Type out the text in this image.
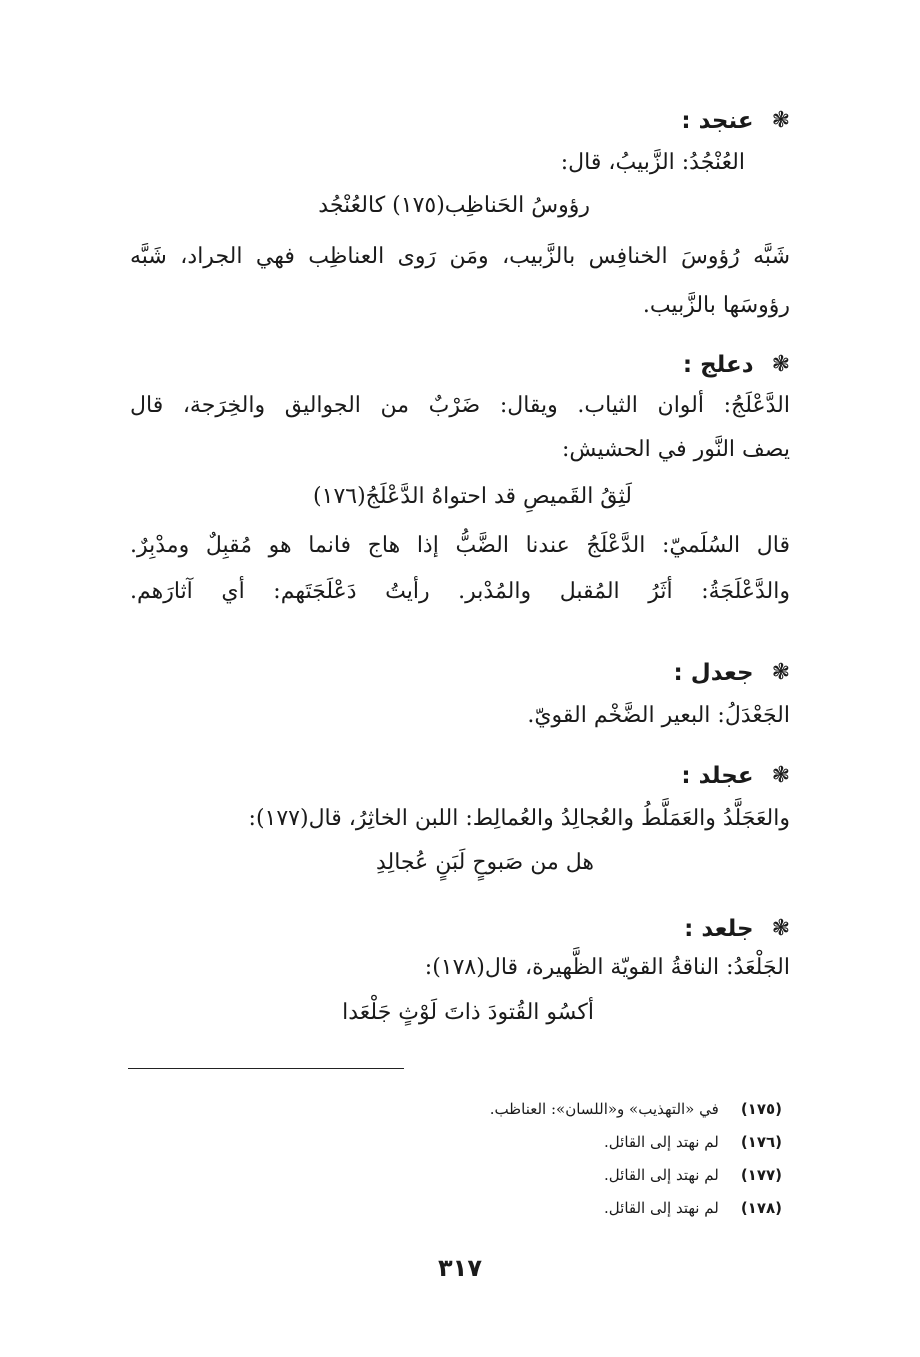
❃
عنجد :
العُنْجُدُ: الزَّبيبُ، قال:
رؤوسُ الحَناظِب(١٧٥) كالعُنْجُد
شَبَّه رُؤوسَ الخنافِس بالزَّبيب، ومَن رَوى العناظِب فهي الجراد، شَبَّه
رؤوسَها بالزَّبيب.
❃
دعلج :
الدَّعْلَجُ: ألوان الثياب. ويقال: ضَرْبٌ من الجواليق والخِرَجة، قال
يصف النَّور في الحشيش:
لَثِقُ القَميصِ قد احتواهُ الدَّعْلَجُ(١٧٦)
قال السُلَميّ: الدَّعْلَجُ عندنا الضَّبُّ إذا هاج فانما هو مُقبِلٌ ومدْبِرٌ.
والدَّعْلَجَةُ: أثَرُ المُقبل والمُدْبر. رأيتُ دَعْلَجَتَهم: أي آثارَهم.
❃
جعدل :
الجَعْدَلُ: البعير الضَّخْم القويّ.
❃
عجلد :
والعَجَلَّدُ والعَمَلَّطُ والعُجالِدُ والعُمالِط: اللبن الخاثِرُ، قال(١٧٧):
هل من صَبوحٍ لَبَنٍ عُجالِدِ
❃
جلعد :
الجَلْعَدُ: الناقةُ القويّة الظَّهيرة، قال(١٧٨):
أكسُو القُتودَ ذاتَ لَوْثٍ جَلْعَدا
(١٧٥)
في «التهذيب» و«اللسان»: العناظب.
(١٧٦)
لم نهتد إلى القائل.
(١٧٧)
لم نهتد إلى القائل.
(١٧٨)
لم نهتد إلى القائل.
٣١٧
